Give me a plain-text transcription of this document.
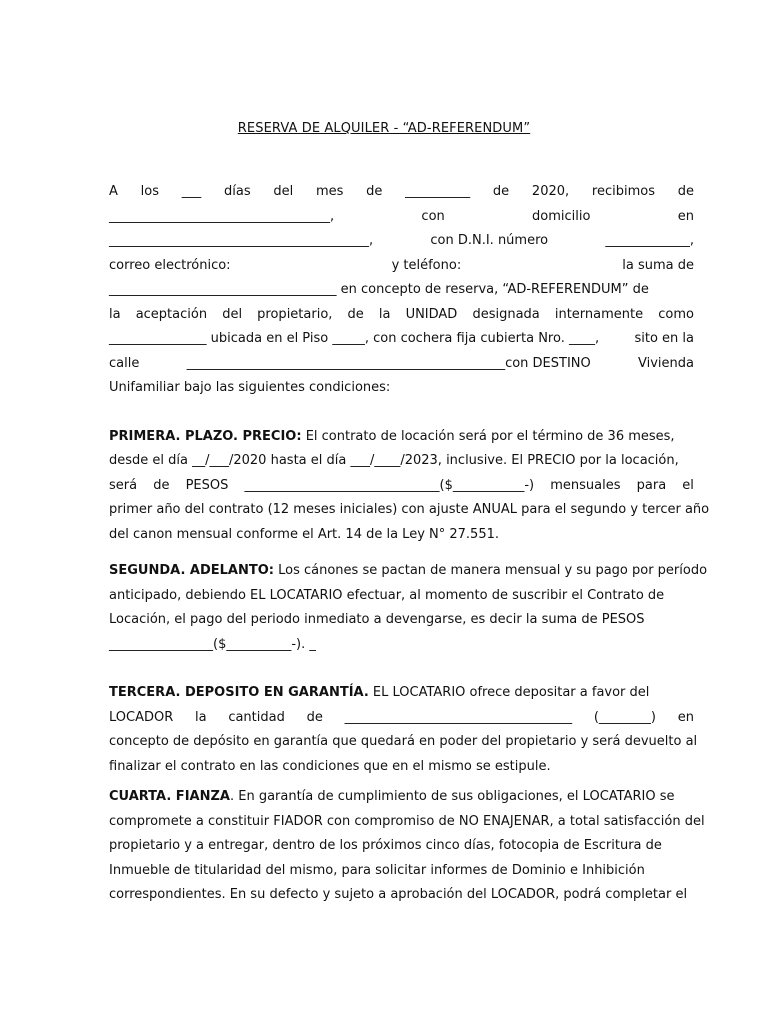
RESERVA DE ALQUILER - “AD-REFERENDUM”
A los ___ días del mes de __________ de 2020, recibimos de
__________________________________,	con	domicilio	en
________________________________________,	con D.N.I. número	_____________,
correo electrónico:	y teléfono:	la suma de
___________________________________ en concepto de reserva, “AD-REFERENDUM” de
la aceptación del propietario, de la UNIDAD designada internamente como
_______________ ubicada en el Piso _____, con cochera fija cubierta Nro. ____,	sito en la
calle	_________________________________________________con DESTINO	Vivienda
Unifamiliar bajo las siguientes condiciones:
PRIMERA. PLAZO. PRECIO: El contrato de locación será por el término de 36 meses,
desde el día __/___/2020 hasta el día ___/____/2023, inclusive. El PRECIO por la locación,
será de PESOS ______________________________($___________-) mensuales para el
primer año del contrato (12 meses iniciales) con ajuste ANUAL para el segundo y tercer año
del canon mensual conforme el Art. 14 de la Ley N° 27.551.
SEGUNDA. ADELANTO: Los cánones se pactan de manera mensual y su pago por período
anticipado, debiendo EL LOCATARIO efectuar, al momento de suscribir el Contrato de
Locación, el pago del periodo inmediato a devengarse, es decir la suma de PESOS
________________($__________-). _
TERCERA. DEPOSITO EN GARANTÍA. EL LOCATARIO ofrece depositar a favor del
LOCADOR la cantidad de ___________________________________ (________) en
concepto de depósito en garantía que quedará en poder del propietario y será devuelto al
finalizar el contrato en las condiciones que en el mismo se estipule.
CUARTA. FIANZA. En garantía de cumplimiento de sus obligaciones, el LOCATARIO se
compromete a constituir FIADOR con compromiso de NO ENAJENAR, a total satisfacción del
propietario y a entregar, dentro de los próximos cinco días, fotocopia de Escritura de
Inmueble de titularidad del mismo, para solicitar informes de Dominio e Inhibición
correspondientes. En su defecto y sujeto a aprobación del LOCADOR, podrá completar el
